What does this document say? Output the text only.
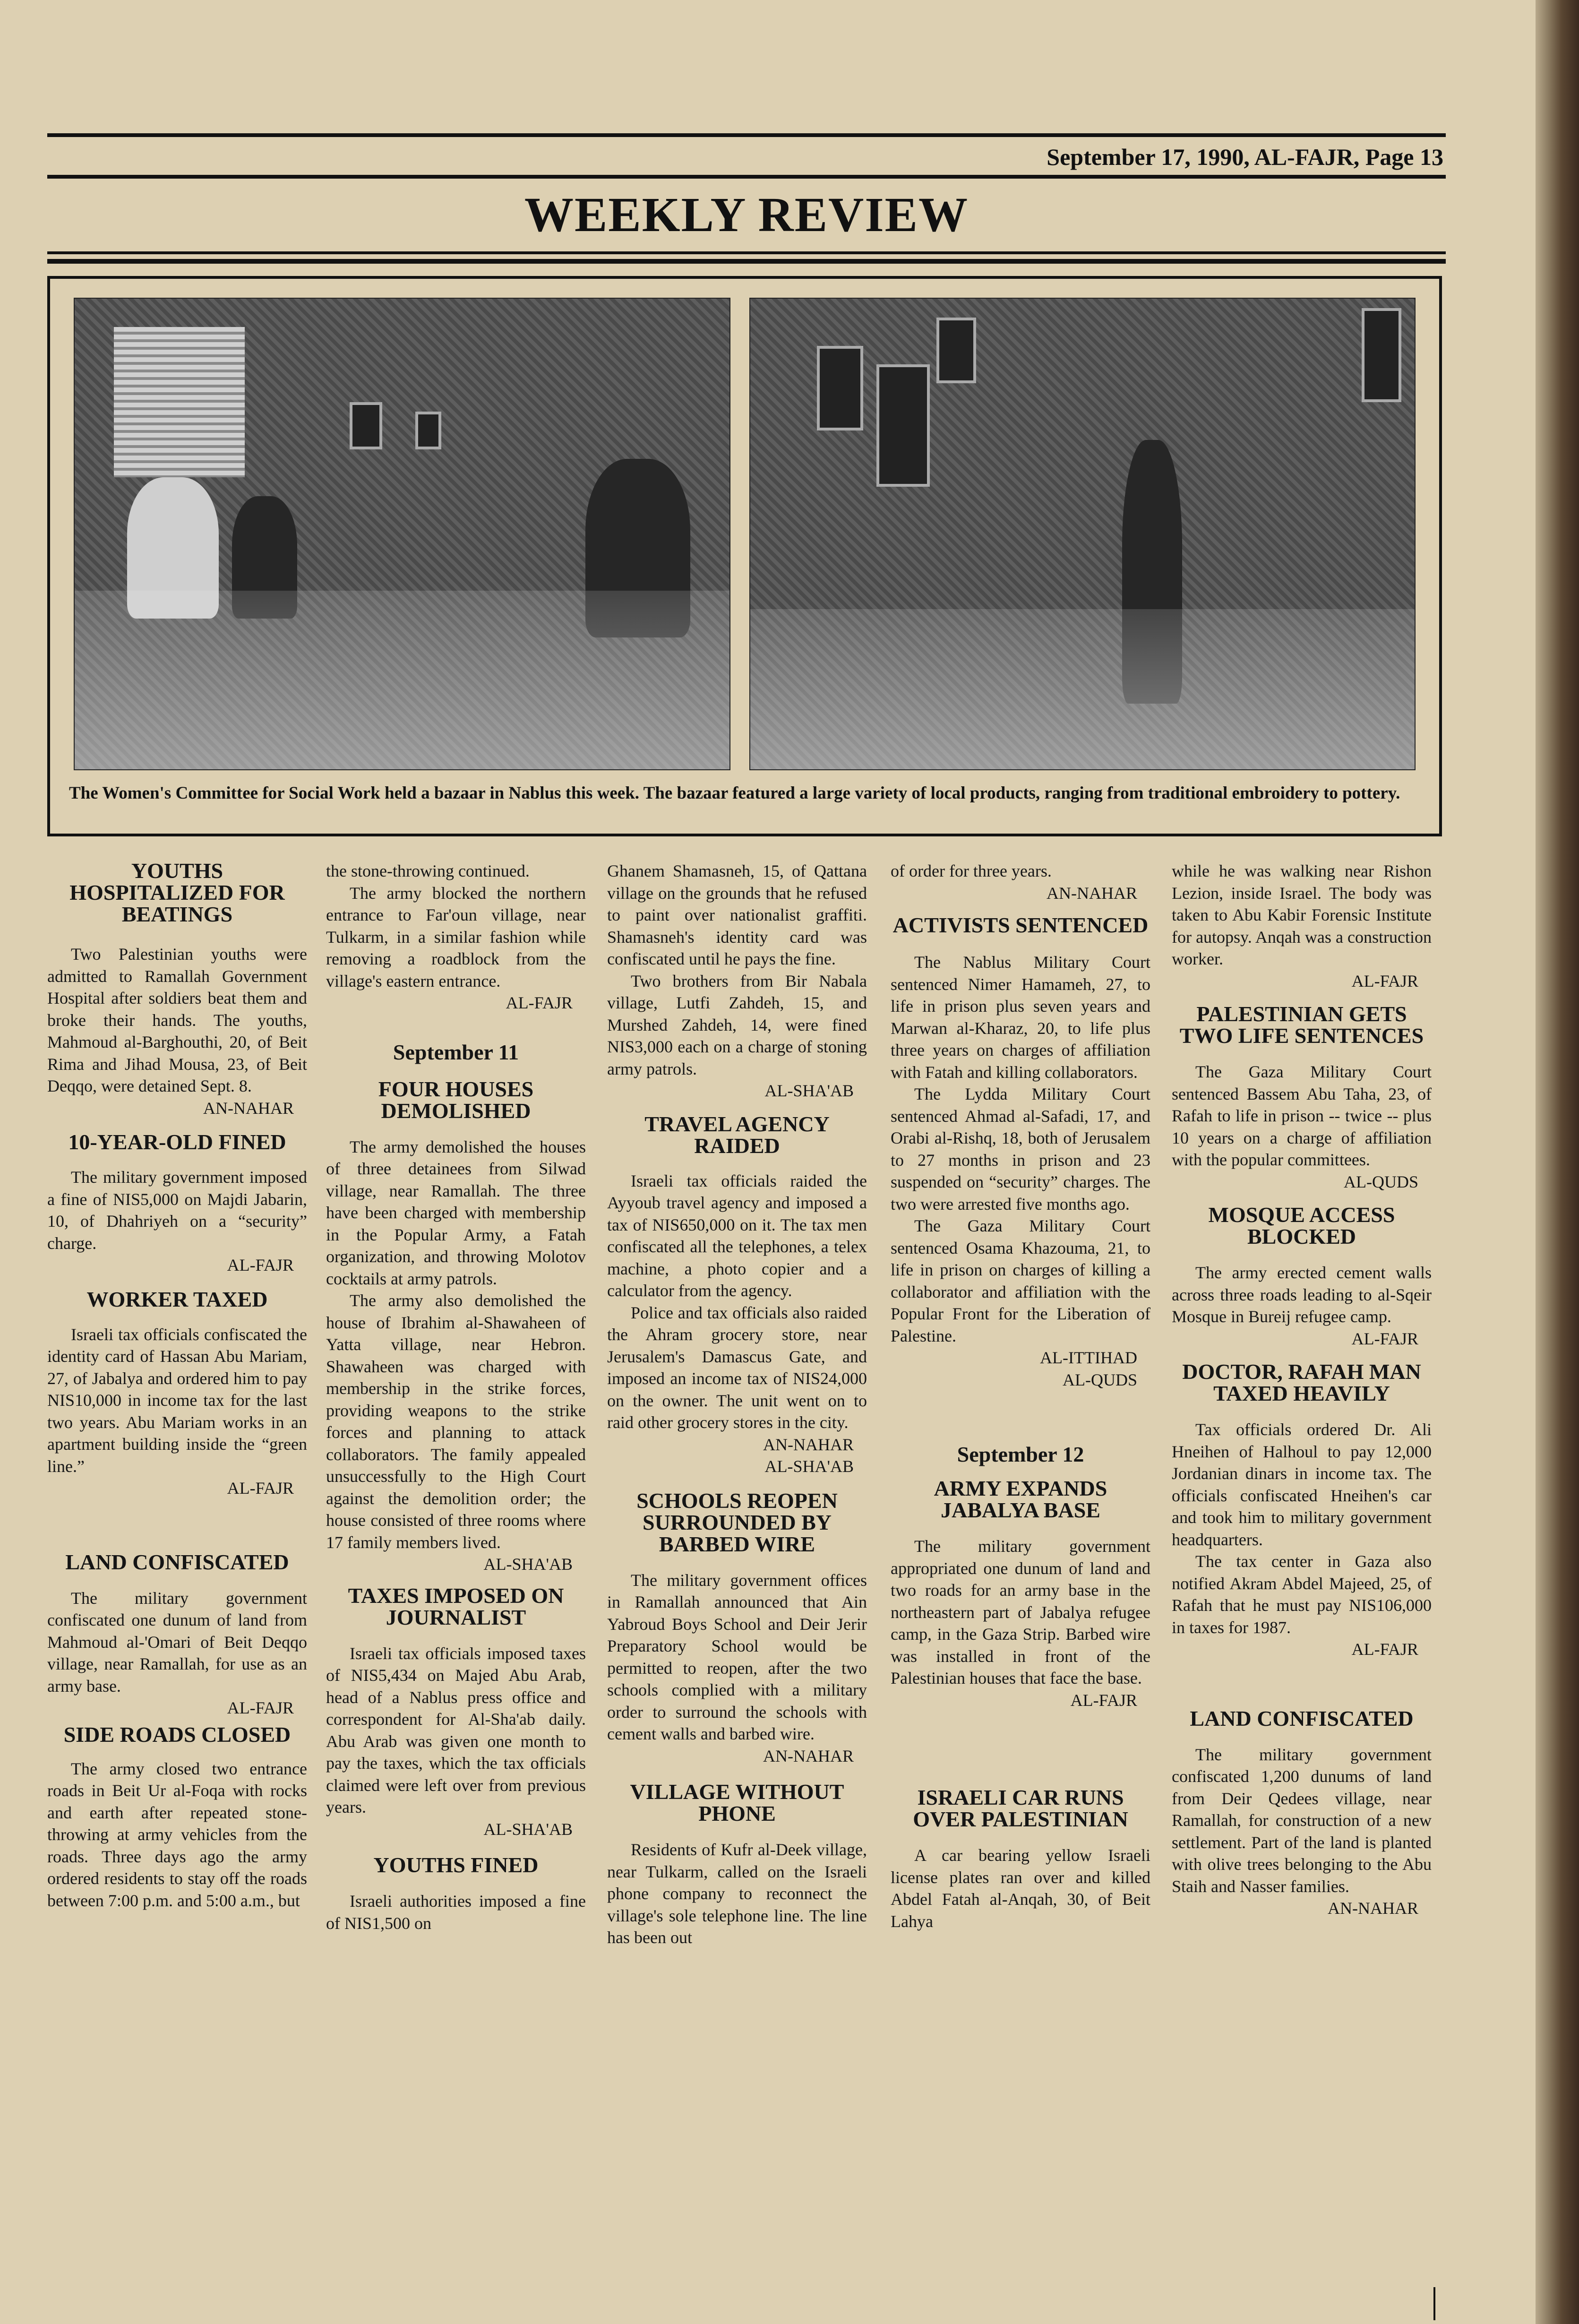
September 17, 1990, AL-FAJR, Page 13
WEEKLY REVIEW
The Women's Committee for Social Work held a bazaar in Nablus this week. The bazaar featured a large variety of local products, ranging from traditional embroidery to pottery.
YOUTHS HOSPITALIZED FOR BEATINGS

Two Palestinian youths were admitted to Ramallah Government Hospital after soldiers beat them and broke their hands. The youths, Mahmoud al-Barghouthi, 20, of Beit Rima and Jihad Mousa, 23, of Beit Deqqo, were detained Sept. 8.

AN-NAHAR
10-YEAR-OLD FINED

The military government imposed a fine of NIS5,000 on Majdi Jabarin, 10, of Dhahriyeh on a “security” charge.

AL-FAJR
WORKER TAXED

Israeli tax officials confiscated the identity card of Hassan Abu Mariam, 27, of Jabalya and ordered him to pay NIS10,000 in income tax for the last two years. Abu Mariam works in an apartment building inside the “green line.”

AL-FAJR
LAND CONFISCATED

The military government confiscated one dunum of land from Mahmoud al-'Omari of Beit Deqqo village, near Ramallah, for use as an army base.

AL-FAJR
SIDE ROADS CLOSED

The army closed two entrance roads in Beit Ur al-Foqa with rocks and earth after repeated stone-throwing at army vehicles from the roads. Three days ago the army ordered residents to stay off the roads between 7:00 p.m. and 5:00 a.m., but

the stone-throwing continued.

The army blocked the northern entrance to Far'oun village, near Tulkarm, in a similar fashion while removing a roadblock from the village's eastern entrance.

AL-FAJR
September 11
FOUR HOUSES DEMOLISHED

The army demolished the houses of three detainees from Silwad village, near Ramallah. The three have been charged with membership in the Popular Army, a Fatah organization, and throwing Molotov cocktails at army patrols.

The army also demolished the house of Ibrahim al-Shawaheen of Yatta village, near Hebron. Shawaheen was charged with membership in the strike forces, providing weapons to the strike forces and planning to attack collaborators. The family appealed unsuccessfully to the High Court against the demolition order; the house consisted of three rooms where 17 family members lived.

AL-SHA'AB
TAXES IMPOSED ON JOURNALIST

Israeli tax officials imposed taxes of NIS5,434 on Majed Abu Arab, head of a Nablus press office and correspondent for Al-Sha'ab daily. Abu Arab was given one month to pay the taxes, which the tax officials claimed were left over from previous years.

AL-SHA'AB
YOUTHS FINED

Israeli authorities imposed a fine of NIS1,500 on

Ghanem Shamasneh, 15, of Qattana village on the grounds that he refused to paint over nationalist graffiti. Shamasneh's identity card was confiscated until he pays the fine.

Two brothers from Bir Nabala village, Lutfi Zahdeh, 15, and Murshed Zahdeh, 14, were fined NIS3,000 each on a charge of stoning army patrols.

AL-SHA'AB
TRAVEL AGENCY RAIDED

Israeli tax officials raided the Ayyoub travel agency and imposed a tax of NIS650,000 on it. The tax men confiscated all the telephones, a telex machine, a photo copier and a calculator from the agency.

Police and tax officials also raided the Ahram grocery store, near Jerusalem's Damascus Gate, and imposed an income tax of NIS24,000 on the owner. The unit went on to raid other grocery stores in the city.

AN-NAHAR
AL-SHA'AB
SCHOOLS REOPEN SURROUNDED BY BARBED WIRE

The military government offices in Ramallah announced that Ain Yabroud Boys School and Deir Jerir Preparatory School would be permitted to reopen, after the two schools complied with a military order to surround the schools with cement walls and barbed wire.

AN-NAHAR
VILLAGE WITHOUT PHONE

Residents of Kufr al-Deek village, near Tulkarm, called on the Israeli phone company to reconnect the village's sole telephone line. The line has been out

of order for three years.

AN-NAHAR
ACTIVISTS SENTENCED

The Nablus Military Court sentenced Nimer Hamameh, 27, to life in prison plus seven years and Marwan al-Kharaz, 20, to life plus three years on charges of affiliation with Fatah and killing collaborators.

The Lydda Military Court sentenced Ahmad al-Safadi, 17, and Orabi al-Rishq, 18, both of Jerusalem to 27 months in prison and 23 suspended on “security” charges. The two were arrested five months ago.

The Gaza Military Court sentenced Osama Khazouma, 21, to life in prison on charges of killing a collaborator and affiliation with the Popular Front for the Liberation of Palestine.

AL-ITTIHAD
AL-QUDS
September 12
ARMY EXPANDS JABALYA BASE

The military government appropriated one dunum of land and two roads for an army base in the northeastern part of Jabalya refugee camp, in the Gaza Strip. Barbed wire was installed in front of the Palestinian houses that face the base.

AL-FAJR
ISRAELI CAR RUNS OVER PALESTINIAN

A car bearing yellow Israeli license plates ran over and killed Abdel Fatah al-Anqah, 30, of Beit Lahya

while he was walking near Rishon Lezion, inside Israel. The body was taken to Abu Kabir Forensic Institute for autopsy. Anqah was a construction worker.

AL-FAJR
PALESTINIAN GETS TWO LIFE SENTENCES

The Gaza Military Court sentenced Bassem Abu Taha, 23, of Rafah to life in prison -- twice -- plus 10 years on a charge of affiliation with the popular committees.

AL-QUDS
MOSQUE ACCESS BLOCKED

The army erected cement walls across three roads leading to al-Sqeir Mosque in Bureij refugee camp.

AL-FAJR
DOCTOR, RAFAH MAN TAXED HEAVILY

Tax officials ordered Dr. Ali Hneihen of Halhoul to pay 12,000 Jordanian dinars in income tax. The officials confiscated Hneihen's car and took him to military government headquarters.

The tax center in Gaza also notified Akram Abdel Majeed, 25, of Rafah that he must pay NIS106,000 in taxes for 1987.

AL-FAJR
LAND CONFISCATED

The military government confiscated 1,200 dunums of land from Deir Qedees village, near Ramallah, for construction of a new settlement. Part of the land is planted with olive trees belonging to the Abu Staih and Nasser families.

AN-NAHAR
